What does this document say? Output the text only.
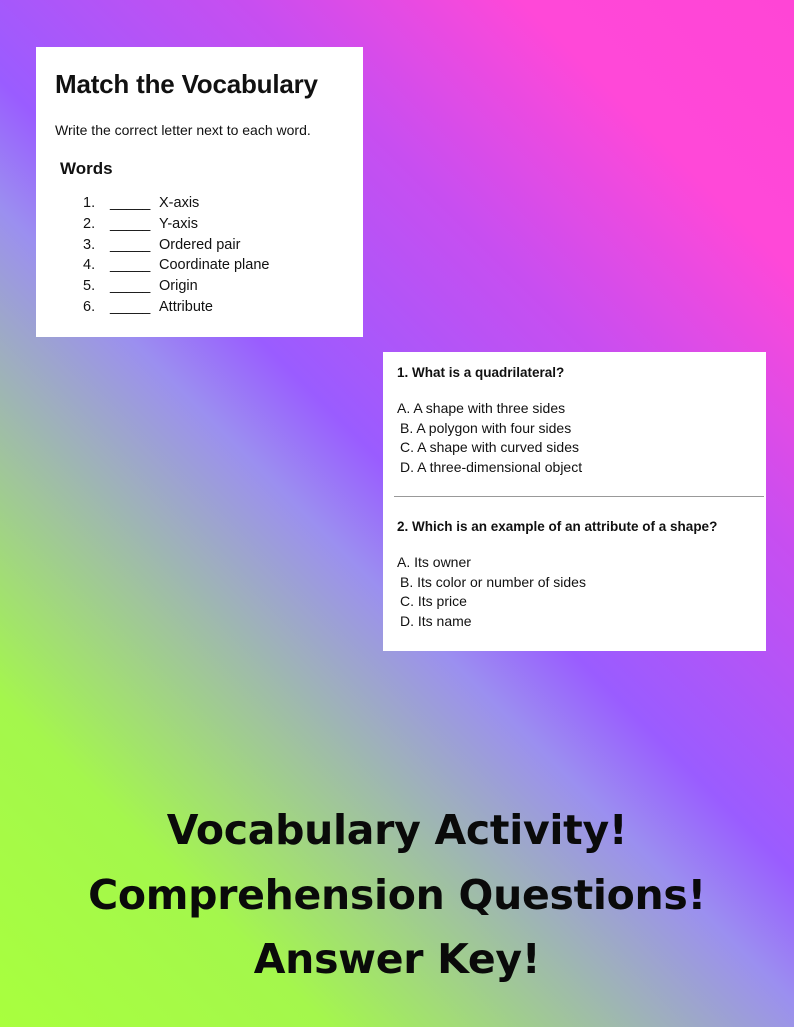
Match the Vocabulary
Write the correct letter next to each word.
Words
1.	_____ X-axis
2.	_____ Y-axis
3.	_____ Ordered pair
4.	_____ Coordinate plane
5.	_____ Origin
6.	_____ Attribute
1. What is a quadrilateral?
A. A shape with three sides
B. A polygon with four sides
C. A shape with curved sides
D. A three-dimensional object
2. Which is an example of an attribute of a shape?
A. Its owner
B. Its color or number of sides
C. Its price
D. Its name
Vocabulary Activity!
Comprehension Questions!
Answer Key!
